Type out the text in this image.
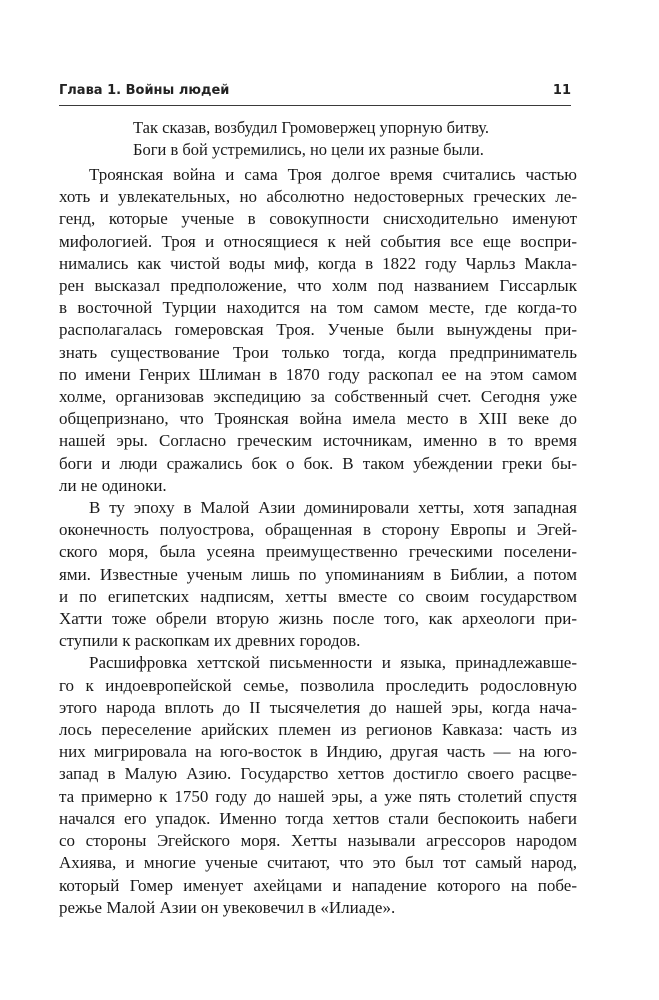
Глава 1. Войны людей	11
Так сказав, возбудил Громовержец упорную битву.
Боги в бой устремились, но цели их разные были.
Троянская война и сама Троя долгое время считались частью
хоть и увлекательных, но абсолютно недостоверных греческих ле-
генд, которые ученые в совокупности снисходительно именуют
мифологией. Троя и относящиеся к ней события все еще воспри-
нимались как чистой воды миф, когда в 1822 году Чарльз Маклa-
рен высказал предположение, что холм под названием Гиссарлык
в восточной Турции находится на том самом месте, где когда-то
располагалась гомеровская Троя. Ученые были вынуждены при-
знать существование Трои только тогда, когда предприниматель
по имени Генрих Шлиман в 1870 году раскопал ее на этом самом
холме, организовав экспедицию за собственный счет. Сегодня уже
общепризнано, что Троянская война имела место в XIII веке до
нашей эры. Согласно греческим источникам, именно в то время
боги и люди сражались бок о бок. В таком убеждении греки бы-
ли не одиноки.
В ту эпоху в Малой Азии доминировали хетты, хотя западная
оконечность полуострова, обращенная в сторону Европы и Эгей-
ского моря, была усеяна преимущественно греческими поселени-
ями. Известные ученым лишь по упоминаниям в Библии, а потом
и по египетских надписям, хетты вместе со своим государством
Хатти тоже обрели вторую жизнь после того, как археологи при-
ступили к раскопкам их древних городов.
Расшифровка хеттской письменности и языка, принадлежавше-
го к индоевропейской семье, позволила проследить родословную
этого народа вплоть до II тысячелетия до нашей эры, когда нача-
лось переселение арийских племен из регионов Кавказа: часть из
них мигрировала на юго-восток в Индию, другая часть — на юго-
запад в Малую Азию. Государство хеттов достигло своего расцве-
та примерно к 1750 году до нашей эры, а уже пять столетий спустя
начался его упадок. Именно тогда хеттов стали беспокоить набеги
со стороны Эгейского моря. Хетты называли агрессоров народом
Ахиява, и многие ученые считают, что это был тот самый народ,
который Гомер именует ахейцами и нападение которого на побе-
режье Малой Азии он увековечил в «Илиаде».
